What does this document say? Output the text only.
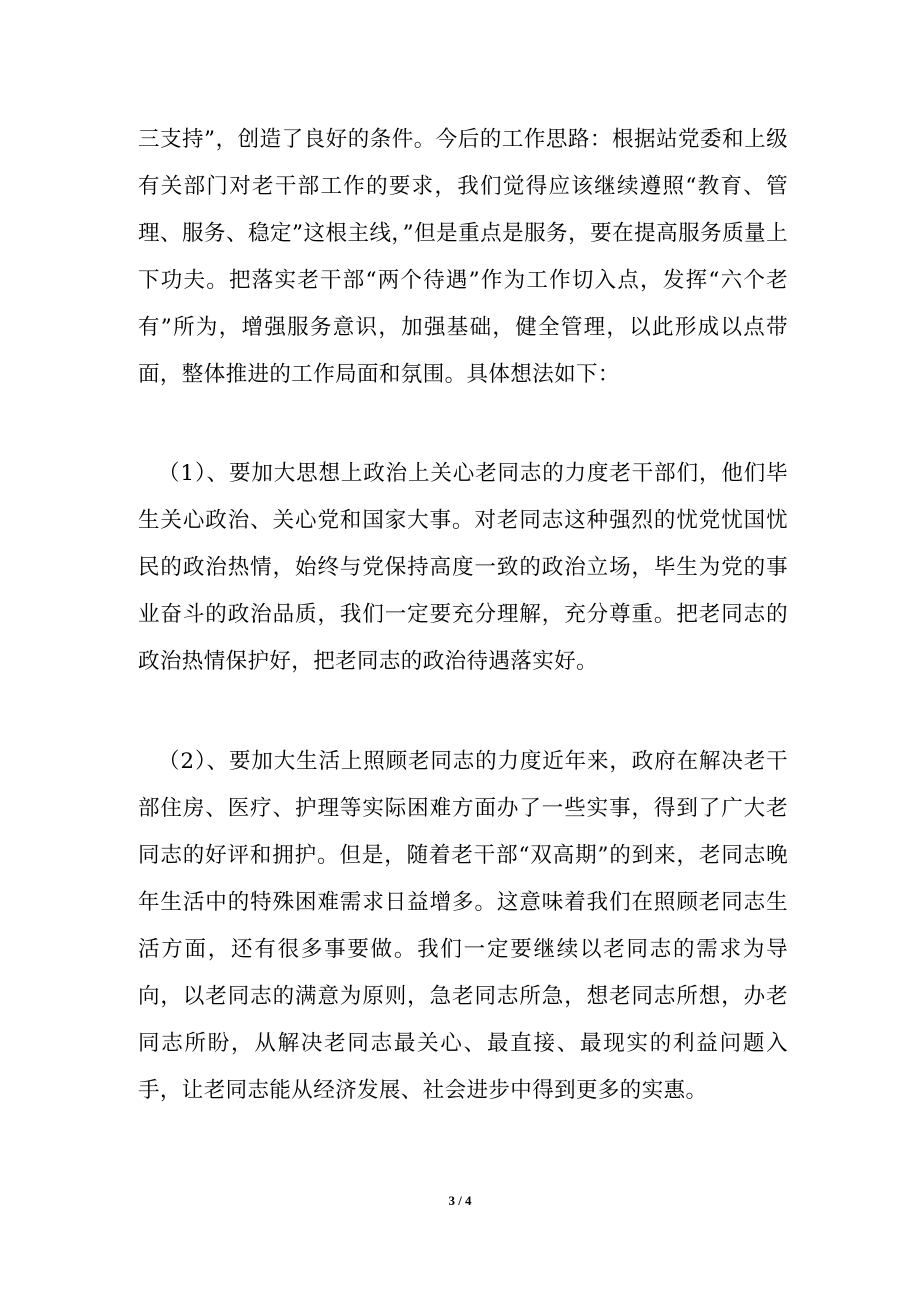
三支持”，创造了良好的条件。今后的工作思路：根据站党委和上级有关部门对老干部工作的要求，我们觉得应该继续遵照“教育、管理、服务、稳定”这根主线，”但是重点是服务，要在提高服务质量上下功夫。把落实老干部“两个待遇”作为工作切入点，发挥“六个老有”所为，增强服务意识，加强基础，健全管理，以此形成以点带面，整体推进的工作局面和氛围。具体想法如下：

（1）、要加大思想上政治上关心老同志的力度老干部们，他们毕生关心政治、关心党和国家大事。对老同志这种强烈的忧党忧国忧民的政治热情，始终与党保持高度一致的政治立场，毕生为党的事业奋斗的政治品质，我们一定要充分理解，充分尊重。把老同志的政治热情保护好，把老同志的政治待遇落实好。

（2）、要加大生活上照顾老同志的力度近年来，政府在解决老干部住房、医疗、护理等实际困难方面办了一些实事，得到了广大老同志的好评和拥护。但是，随着老干部“双高期”的到来，老同志晚年生活中的特殊困难需求日益增多。这意味着我们在照顾老同志生活方面，还有很多事要做。我们一定要继续以老同志的需求为导向，以老同志的满意为原则，急老同志所急，想老同志所想，办老同志所盼，从解决老同志最关心、最直接、最现实的利益问题入手，让老同志能从经济发展、社会进步中得到更多的实惠。

3 / 4
